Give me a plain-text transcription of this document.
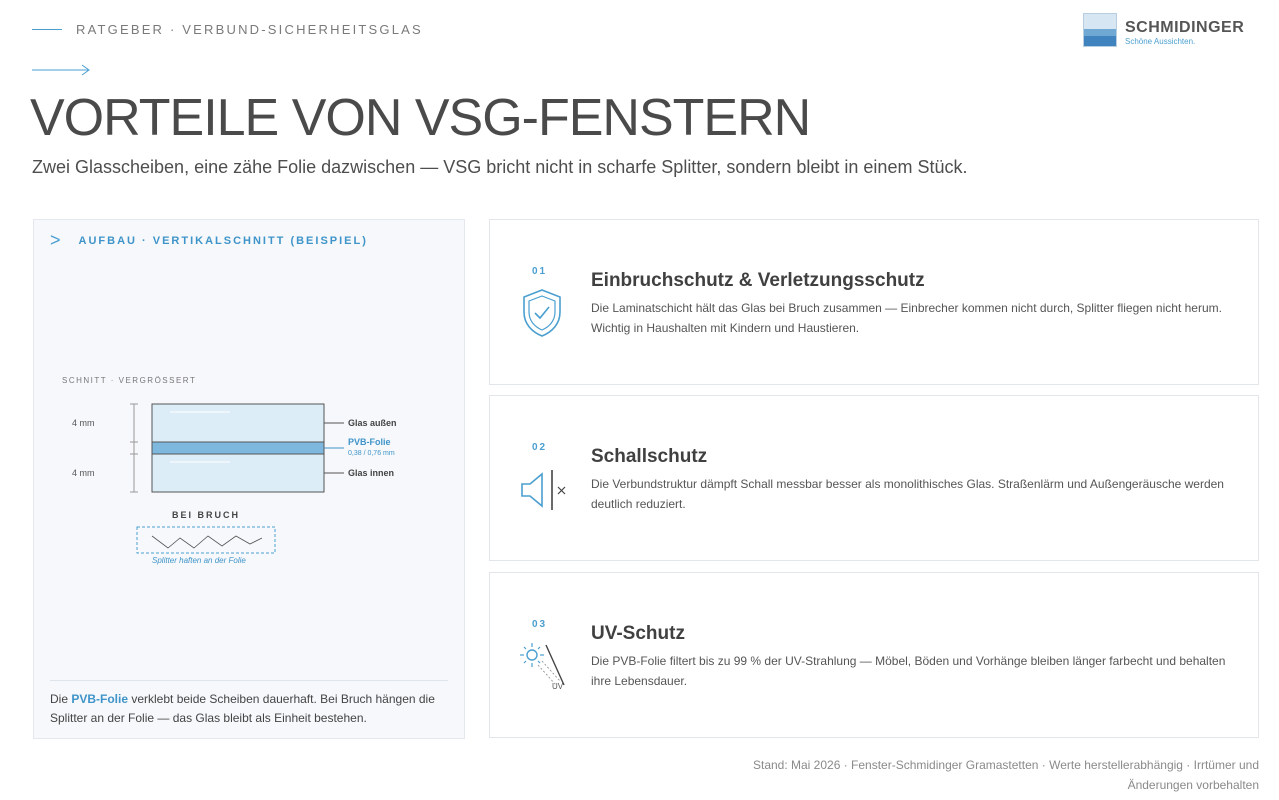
RATGEBER · VERBUND-SICHERHEITSGLAS	SCHMIDINGER
Schöne Aussichten.
VORTEILE VON VSG-FENSTERN
Zwei Glasscheiben, eine zähe Folie dazwischen — VSG bricht nicht in scharfe Splitter, sondern bleibt in einem Stück.
> AUFBAU · VERTIKALSCHNITT (BEISPIEL)
SCHNITT · VERGRÖSSERT
4 mm
4 mm
Glas außen
PVB-Folie
0,38 / 0,76 mm
Glas innen
BEI BRUCH
Splitter haften an der Folie

Die PVB-Folie verklebt beide Scheiben dauerhaft. Bei Bruch hängen die Splitter an der Folie — das Glas bleibt als Einheit bestehen.

01 Einbruchschutz & Verletzungsschutz

Die Laminatschicht hält das Glas bei Bruch zusammen — Einbrecher kommen nicht durch, Splitter fliegen nicht herum. Wichtig in Haushalten mit Kindern und Haustieren.

02 Schallschutz

Die Verbundstruktur dämpft Schall messbar besser als monolithisches Glas. Straßenlärm und Außengeräusche werden deutlich reduziert.

03
UV
UV-Schutz

Die PVB-Folie filtert bis zu 99 % der UV-Strahlung — Möbel, Böden und Vorhänge bleiben länger farbecht und behalten ihre Lebensdauer.

Stand: Mai 2026 · Fenster-Schmidinger Gramastetten · Werte herstellerabhängig · Irrtümer und Änderungen vorbehalten
